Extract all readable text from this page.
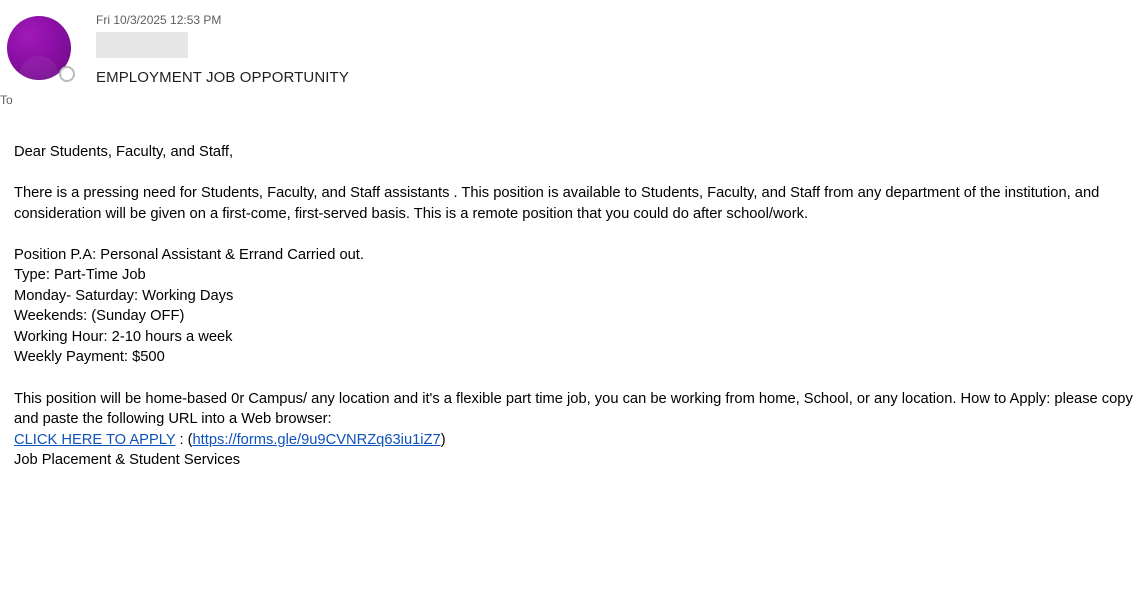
Fri 10/3/2025 12:53 PM
EMPLOYMENT JOB OPPORTUNITY
To

Dear Students, Faculty, and Staff,

There is a pressing need for Students, Faculty, and Staff assistants . This position is available to Students, Faculty, and Staff from any department of the institution, and consideration will be given on a first-come, first-served basis. This is a remote position that you could do after school/work.

Position P.A: Personal Assistant & Errand Carried out.

Type: Part-Time Job

Monday- Saturday: Working Days

Weekends: (Sunday OFF)

Working Hour: 2-10 hours a week

Weekly Payment: $500

This position will be home-based 0r Campus/ any location and it's a flexible part time job, you can be working from home, School, or any location. How to Apply: please copy and paste the following URL into a Web browser:

CLICK HERE TO APPLY : (https://forms.gle/9u9CVNRZq63iu1iZ7)

Job Placement & Student Services
